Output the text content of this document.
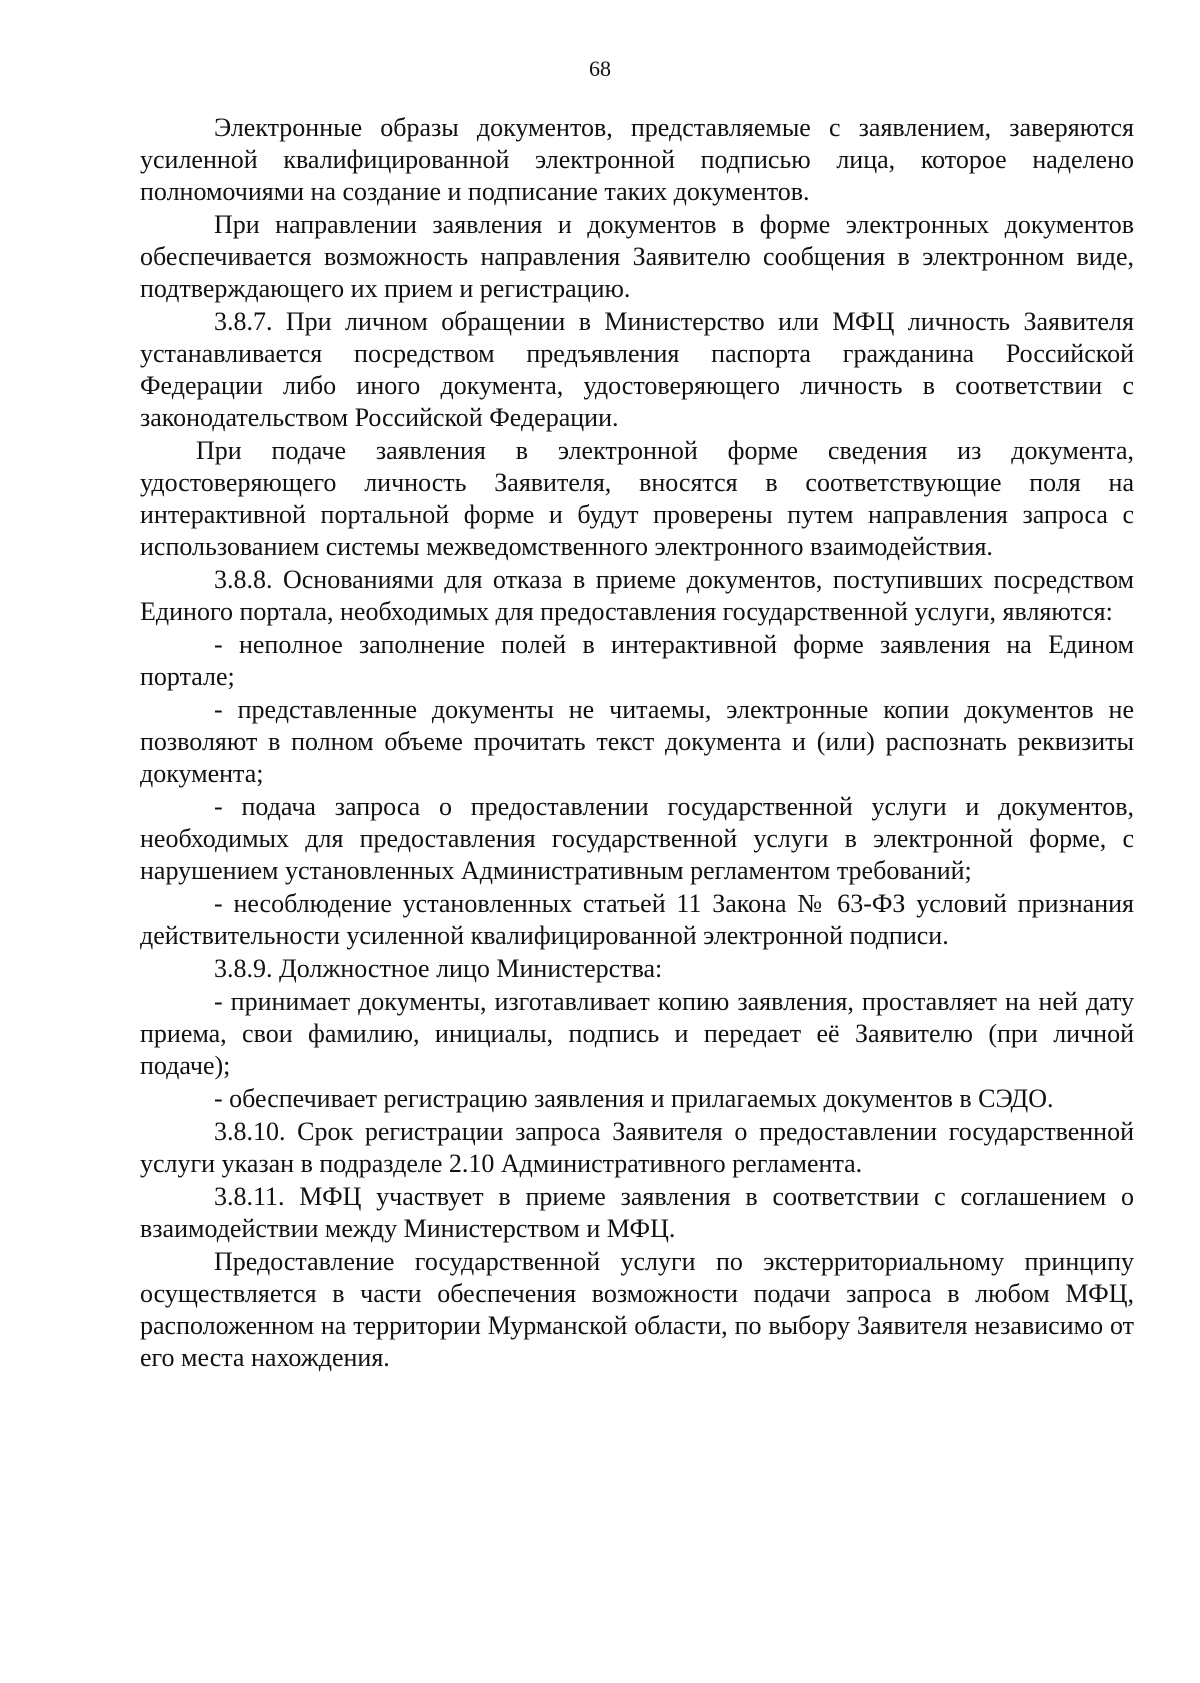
68

Электронные образы документов, представляемые с заявлением, заверяются усиленной квалифицированной электронной подписью лица, которое наделено полномочиями на создание и подписание таких документов.

При направлении заявления и документов в форме электронных документов обеспечивается возможность направления Заявителю сообщения в электронном виде, подтверждающего их прием и регистрацию.

3.8.7. При личном обращении в Министерство или МФЦ личность Заявителя устанавливается посредством предъявления паспорта гражданина Российской Федерации либо иного документа, удостоверяющего личность в соответствии с законодательством Российской Федерации.

При подаче заявления в электронной форме сведения из документа, удостоверяющего личность Заявителя, вносятся в соответствующие поля на интерактивной портальной форме и будут проверены путем направления запроса с использованием системы межведомственного электронного взаимодействия.

3.8.8. Основаниями для отказа в приеме документов, поступивших посредством Единого портала, необходимых для предоставления государственной услуги, являются:

- неполное заполнение полей в интерактивной форме заявления на Едином портале;

- представленные документы не читаемы, электронные копии документов не позволяют в полном объеме прочитать текст документа и (или) распознать реквизиты документа;

- подача запроса о предоставлении государственной услуги и документов, необходимых для предоставления государственной услуги в электронной форме, с нарушением установленных Административным регламентом требований;

- несоблюдение установленных статьей 11 Закона № 63-ФЗ условий признания действительности усиленной квалифицированной электронной подписи.

3.8.9. Должностное лицо Министерства:

- принимает документы, изготавливает копию заявления, проставляет на ней дату приема, свои фамилию, инициалы, подпись и передает её Заявителю (при личной подаче);

- обеспечивает регистрацию заявления и прилагаемых документов в СЭДО.

3.8.10. Срок регистрации запроса Заявителя о предоставлении государственной услуги указан в подразделе 2.10 Административного регламента.

3.8.11. МФЦ участвует в приеме заявления в соответствии с соглашением о взаимодействии между Министерством и МФЦ.

Предоставление государственной услуги по экстерриториальному принципу осуществляется в части обеспечения возможности подачи запроса в любом МФЦ, расположенном на территории Мурманской области, по выбору Заявителя независимо от его места нахождения.
